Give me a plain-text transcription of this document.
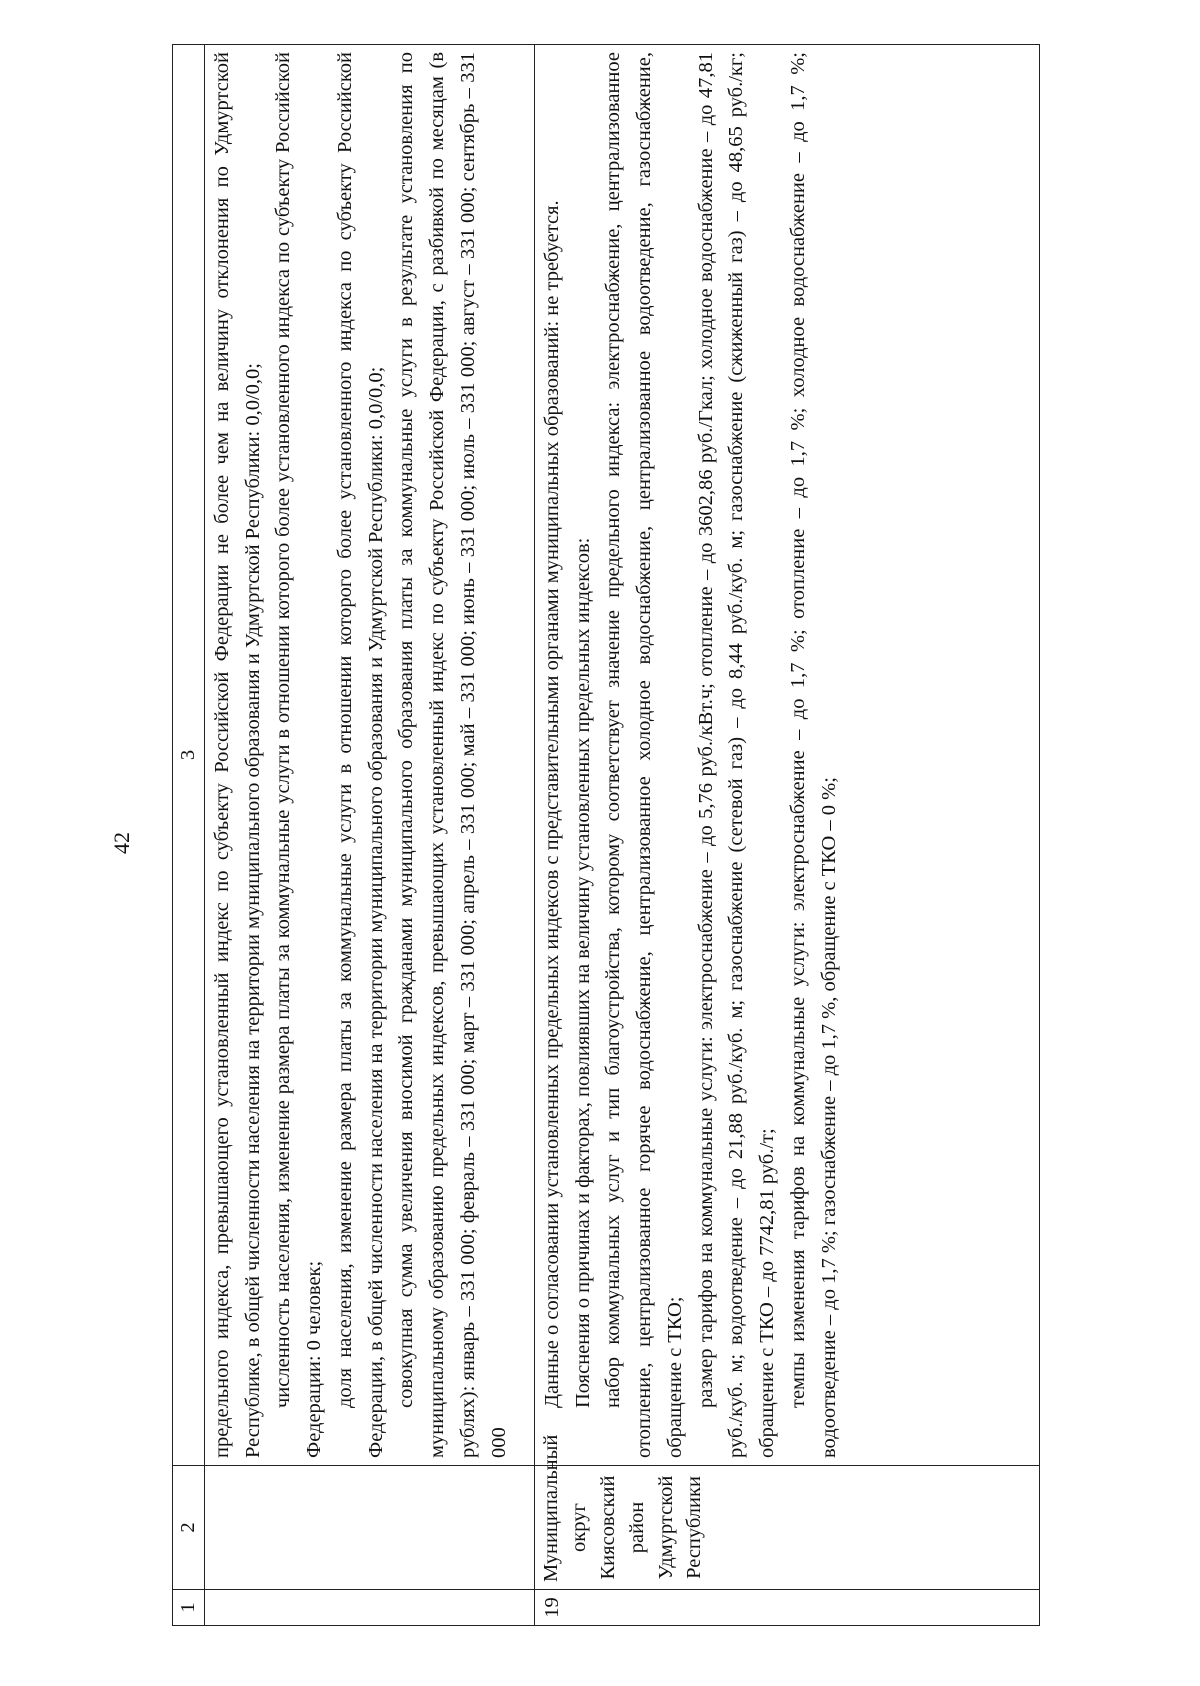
42
1	2	3

		предельного индекса, превышающего установленный индекс по субъекту Российской Федерации не более чем на величину отклонения по Удмуртской Республике, в общей численности населения на территории муниципального образования и Удмуртской Республики: 0,0/0,0; численность населения, изменение размера платы за коммунальные услуги в отношении которого более установленного индекса по субъекту Российской Федерации: 0 человек; доля населения, изменение размера платы за коммунальные услуги в отношении которого более установленного индекса по субъекту Российской Федерации, в общей численности населения на территории муниципального образования и Удмуртской Республики: 0,0/0,0; совокупная сумма увеличения вносимой гражданами муниципального образования платы за коммунальные услуги в результате установления по муниципальному образованию предельных индексов, превышающих установленный индекс по субъекту Российской Федерации, с разбивкой по месяцам (в рублях): январь – 331 000; февраль – 331 000; март – 331 000; апрель – 331 000; май – 331 000; июнь – 331 000; июль – 331 000; август – 331 000; сентябрь – 331 000

19	Муниципальный округ Киясовский район Удмуртской Республики	Данные о согласовании установленных предельных индексов с представительными органами муниципальных образований: не требуется. Пояснения о причинах и факторах, повлиявших на величину установленных предельных индексов: набор коммунальных услуг и тип благоустройства, которому соответствует значение предельного индекса: электроснабжение, централизованное отопление, централизованное горячее водоснабжение, централизованное холодное водоснабжение, централизованное водоотведение, газоснабжение, обращение с ТКО; размер тарифов на коммунальные услуги: электроснабжение – до 5,76 руб./кВт.ч; отопление – до 3602,86 руб./Гкал; холодное водоснабжение – до 47,81 руб./куб. м; водоотведение – до 21,88 руб./куб. м; газоснабжение (сетевой газ) – до 8,44 руб./куб. м; газоснабжение (сжиженный газ) – до 48,65 руб./кг; обращение с ТКО – до 7742,81 руб./т; темпы изменения тарифов на коммунальные услуги: электроснабжение – до 1,7 %; отопление – до 1,7 %; холодное водоснабжение – до 1,7 %; водоотведение – до 1,7 %; газоснабжение – до 1,7 %, обращение с ТКО – 0 %;
